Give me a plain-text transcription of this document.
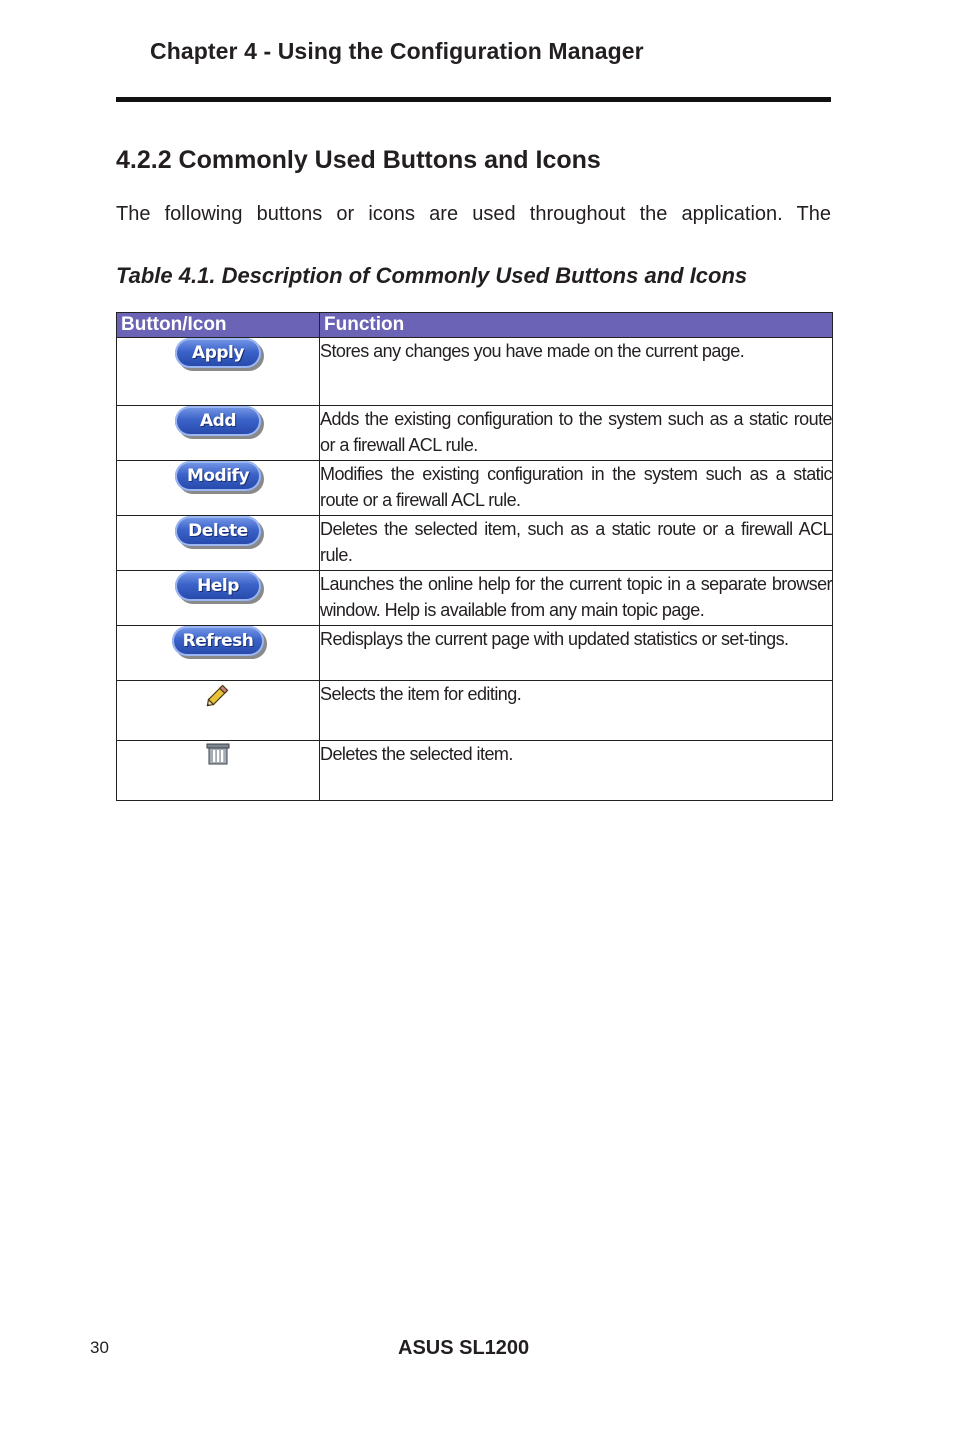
Chapter 4 - Using the Configuration Manager
4.2.2 Commonly Used Buttons and Icons
The following buttons or icons are used throughout the application. The
Table 4.1. Description of Commonly Used Buttons and Icons
Button/Icon	Function
Apply	Stores any changes you have made on the current page.
Add	Adds the existing configuration to the system such as a static route or a firewall ACL rule.
Modify	Modifies the existing configuration in the system such as a static route or a firewall ACL rule.
Delete	Deletes the selected item, such as a static route or a firewall ACL rule.
Help	Launches the online help for the current topic in a separate browser window. Help is available from any main topic page.
Refresh	Redisplays the current page with updated statistics or set-tings.

	Selects the item for editing.

	Deletes the selected item.
30	ASUS SL1200
